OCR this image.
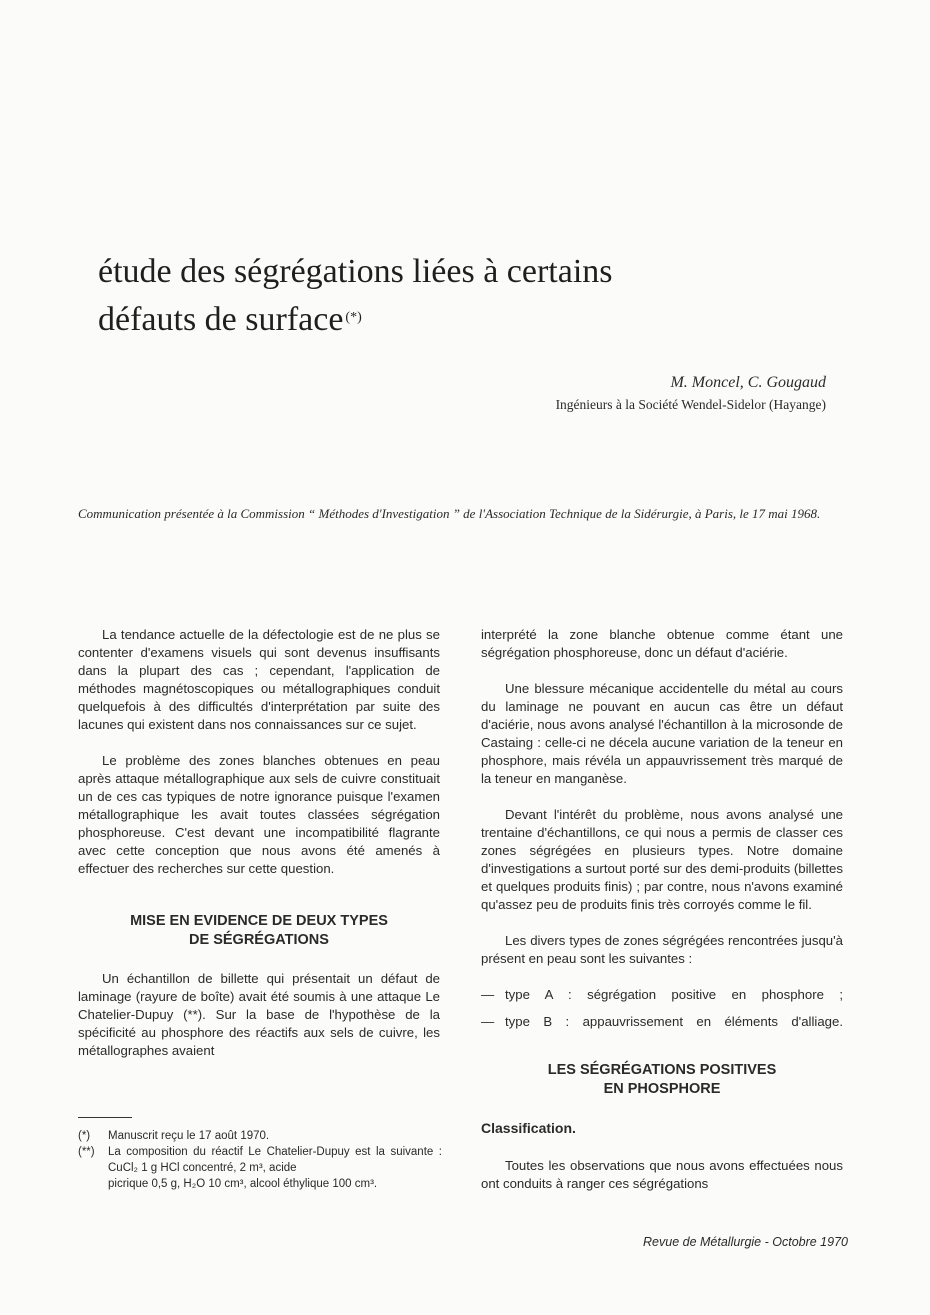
étude des ségrégations liées à certains
défauts de surface (*)
M. Moncel, C. Gougaud
Ingénieurs à la Société Wendel-Sidelor (Hayange)
Communication présentée à la Commission “ Méthodes d'Investigation ” de l'Association Technique de la Sidérurgie, à Paris, le 17 mai 1968.

La tendance actuelle de la défectologie est de ne plus se contenter d'examens visuels qui sont devenus insuffisants dans la plupart des cas ; cependant, l'application de méthodes magnétoscopiques ou métallographiques conduit quelquefois à des difficultés d'interprétation par suite des lacunes qui existent dans nos connaissances sur ce sujet.

Le problème des zones blanches obtenues en peau après attaque métallographique aux sels de cuivre constituait un de ces cas typiques de notre ignorance puisque l'examen métallographique les avait toutes classées ségrégation phosphoreuse. C'est devant une incompatibilité flagrante avec cette conception que nous avons été amenés à effectuer des recherches sur cette question.

MISE EN EVIDENCE DE DEUX TYPES
DE SÉGRÉGATIONS

Un échantillon de billette qui présentait un défaut de laminage (rayure de boîte) avait été soumis à une attaque Le Chatelier-Dupuy (**). Sur la base de l'hypothèse de la spécificité au phosphore des réactifs aux sels de cuivre, les métallographes avaient

interprété la zone blanche obtenue comme étant une ségrégation phosphoreuse, donc un défaut d'aciérie.

Une blessure mécanique accidentelle du métal au cours du laminage ne pouvant en aucun cas être un défaut d'aciérie, nous avons analysé l'échantillon à la microsonde de Castaing : celle-ci ne décela aucune variation de la teneur en phosphore, mais révéla un appauvrissement très marqué de la teneur en manganèse.

Devant l'intérêt du problème, nous avons analysé une trentaine d'échantillons, ce qui nous a permis de classer ces zones ségrégées en plusieurs types. Notre domaine d'investigations a surtout porté sur des demi-produits (billettes et quelques produits finis) ; par contre, nous n'avons examiné qu'assez peu de produits finis très corroyés comme le fil.

Les divers types de zones ségrégées rencontrées jusqu'à présent en peau sont les suivantes :

— type A : ségrégation positive en phosphore ;
— type B : appauvrissement en éléments d'alliage.
LES SÉGRÉGATIONS POSITIVES
EN PHOSPHORE
Classification.

Toutes les observations que nous avons effectuées nous ont conduits à ranger ces ségrégations

(*)	Manuscrit reçu le 17 août 1970.
(**)	La composition du réactif Le Chatelier-Dupuy est la suivante : CuCl₂ 1 g HCl concentré, 2 m³, acide
picrique 0,5 g, H₂O 10 cm³, alcool éthylique 100 cm³.
Revue de Métallurgie - Octobre 1970
